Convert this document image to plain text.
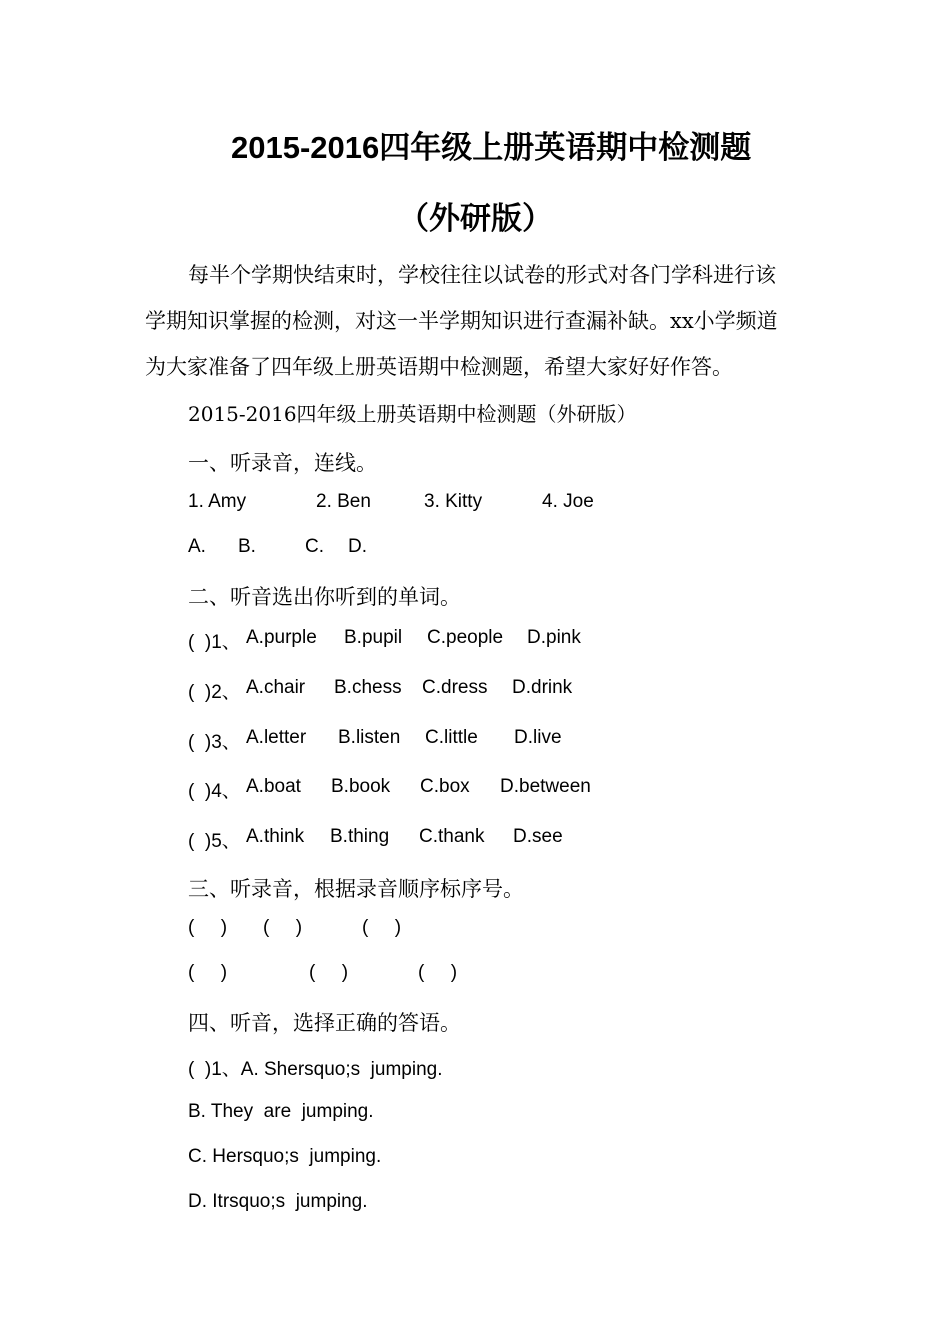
2015-2016四年级上册英语期中检测题
（外研版）
每半个学期快结束时，学校往往以试卷的形式对各门学科进行该
学期知识掌握的检测，对这一半学期知识进行查漏补缺。xx小学频道
为大家准备了四年级上册英语期中检测题，希望大家好好作答。
2015-2016四年级上册英语期中检测题（外研版）
一、听录音，连线。
1. Amy	2. Ben	3. Kitty	4. Joe
A. B.	C. D.
二、听音选出你听到的单词。
(  )1、 A.purple B.pupil C.people D.pink
(  )2、 A.chair B.chess C.dress D.drink
(  )3、 A.letter B.listen C.little D.live
(  )4、 A.boat B.book C.box D.between
(  )5、 A.think B.thing C.thank D.see
三、听录音，根据录音顺序标序号。
(     ) (     )	(     )
(     )	(     )	(     )
四、听音，选择正确的答语。
(  )1、A. Shersquo;s  jumping.
B. They  are  jumping.
C. Hersquo;s  jumping.
D. Itrsquo;s  jumping.
